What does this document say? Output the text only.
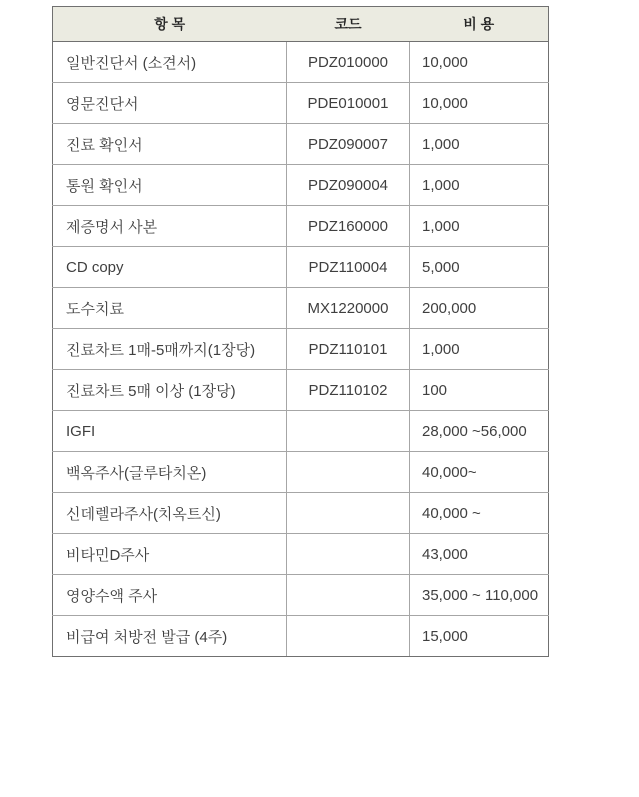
항 목	코드	비 용
일반진단서 (소견서)	PDZ010000	10,000
영문진단서	PDE010001	10,000
진료 확인서	PDZ090007	1,000
통원 확인서	PDZ090004	1,000
제증명서 사본	PDZ160000	1,000
CD copy	PDZ110004	5,000
도수치료	MX1220000	200,000
진료차트 1매-5매까지(1장당)	PDZ110101	1,000
진료차트 5매 이상 (1장당)	PDZ110102	100
IGFI		28,000 ~56,000
백옥주사(글루타치온)		40,000~
신데렐라주사(치옥트신)		40,000 ~
비타민D주사		43,000
영양수액 주사		35,000 ~ 110,000
비급여 처방전 발급 (4주)		15,000
